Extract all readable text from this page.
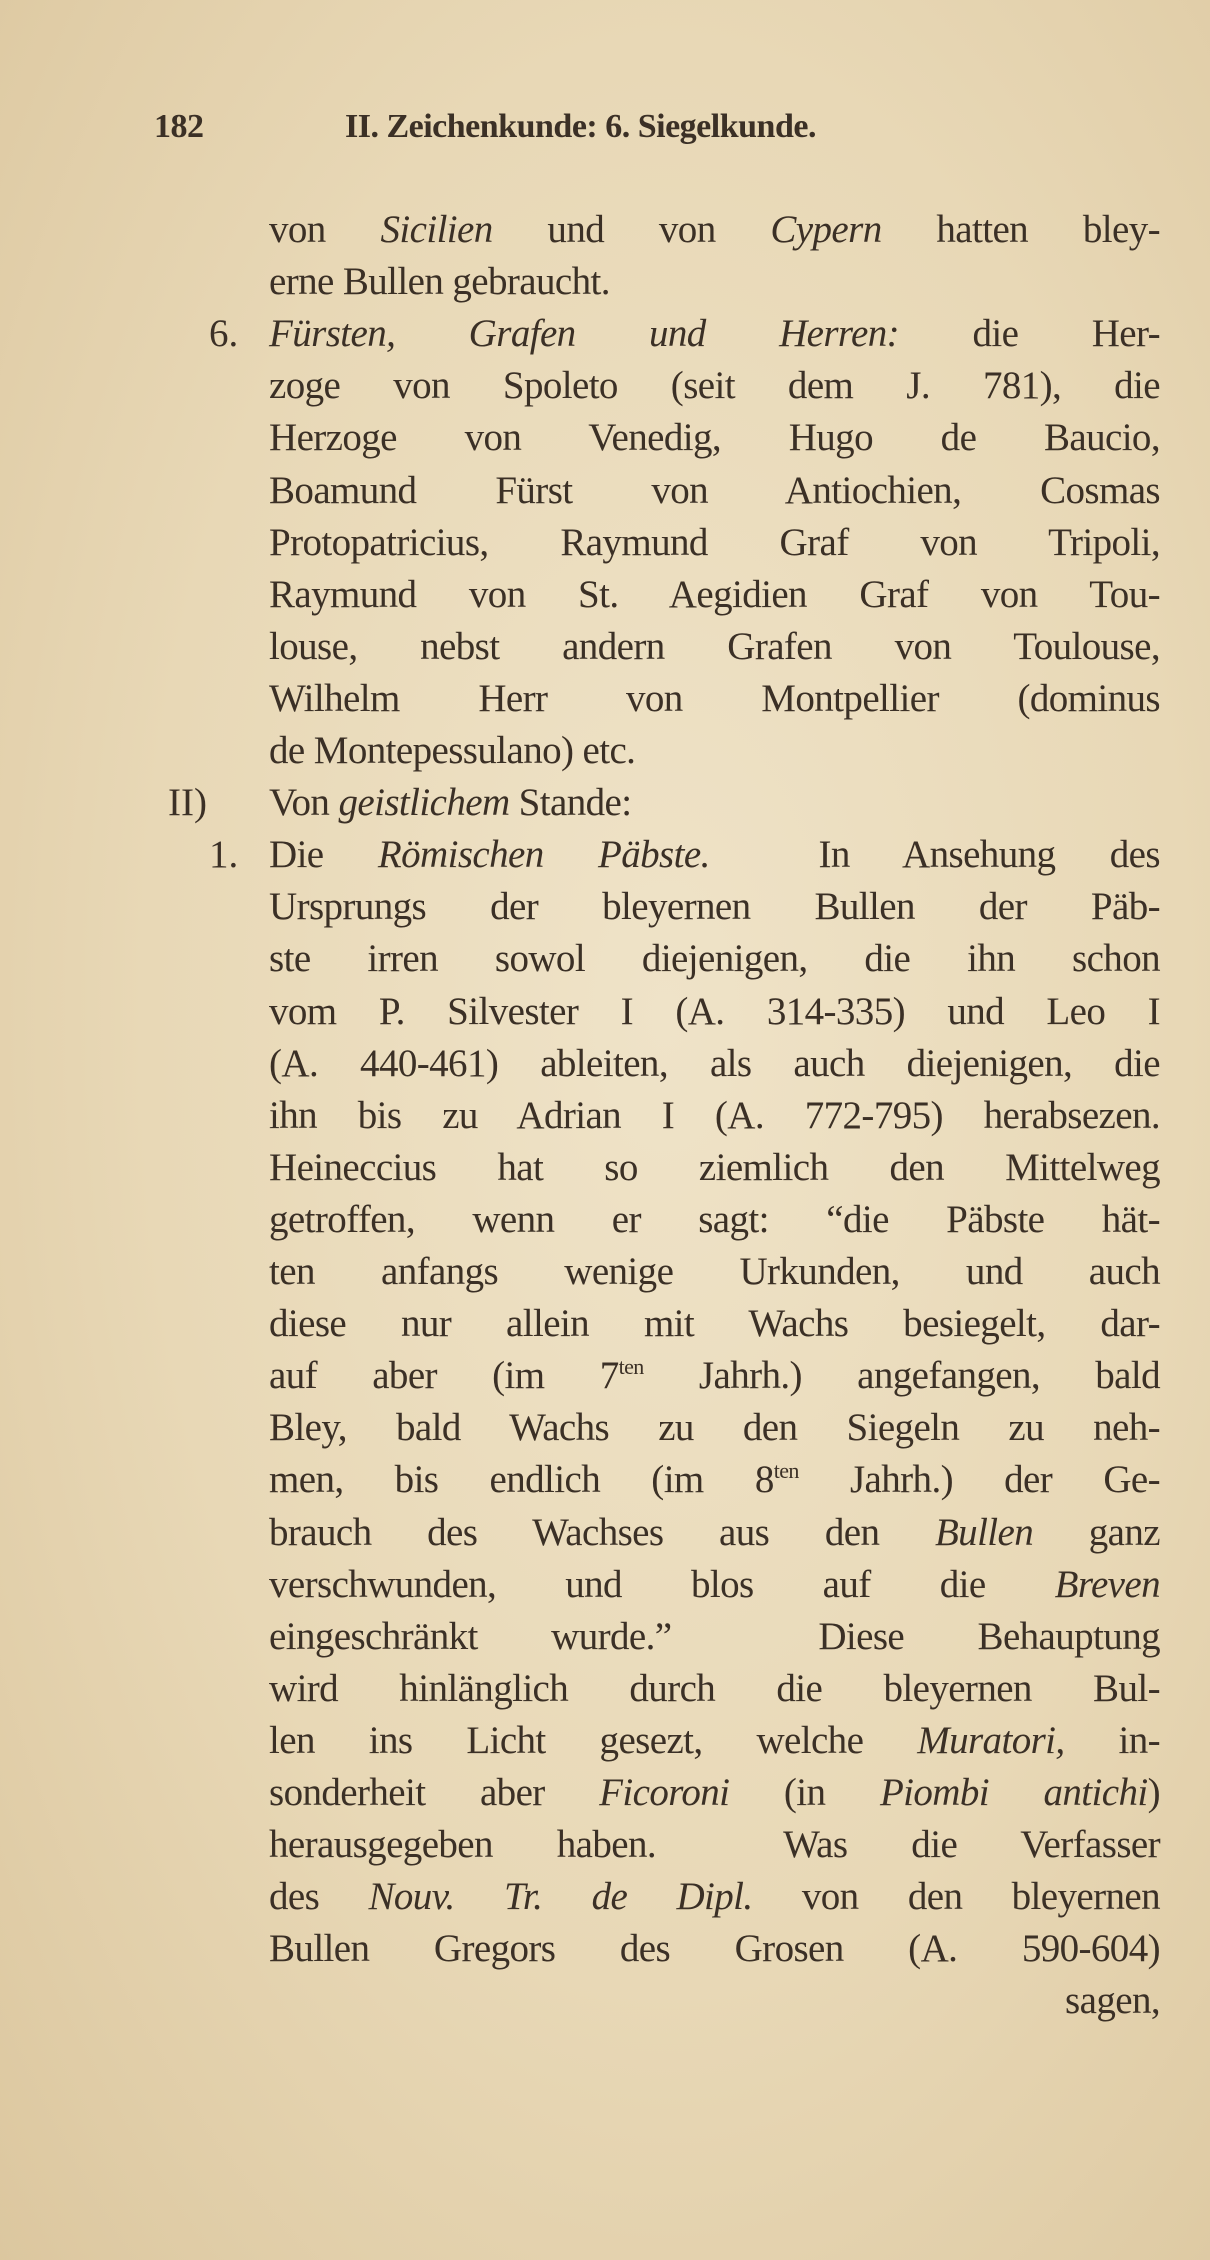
182	II. Zeichenkunde: 6. Siegelkunde.
von Sicilien und von Cypern hatten bley-
erne Bullen gebraucht.
Fürsten, Grafen und Herren: die Her-
zoge von Spoleto (seit dem J. 781), die
Herzoge von Venedig, Hugo de Baucio,
Boamund Fürst von Antiochien, Cosmas
Protopatricius, Raymund Graf von Tripoli,
Raymund von St. Aegidien Graf von Tou-
louse, nebst andern Grafen von Toulouse,
Wilhelm Herr von Montpellier (dominus
de Montepessulano) etc.
Von geistlichem Stande:
Die Römischen Päbste.  In Ansehung des
Ursprungs der bleyernen Bullen der Päb-
ste irren sowol diejenigen, die ihn schon
vom P. Silvester I (A. 314-335) und Leo I
(A. 440-461) ableiten, als auch diejenigen, die
ihn bis zu Adrian I (A. 772-795) herabsezen.
Heineccius hat so ziemlich den Mittelweg
getroffen, wenn er sagt: “die Päbste hät-
ten anfangs wenige Urkunden, und auch
diese nur allein mit Wachs besiegelt, dar-
auf aber (im $7^{ten}$ Jahrh.) angefangen, bald
Bley, bald Wachs zu den Siegeln zu neh-
men, bis endlich (im $8^{ten}$ Jahrh.) der Ge-
brauch des Wachses aus den Bullen ganz
verschwunden, und blos auf die Breven
eingeschränkt wurde.”  Diese Behauptung
wird hinlänglich durch die bleyernen Bul-
len ins Licht gesezt, welche Muratori, in-
sonderheit aber Ficoroni (in Piombi antichi)
herausgegeben haben.  Was die Verfasser
des Nouv. Tr. de Dipl. von den bleyernen
Bullen Gregors des Grosen (A. 590-604)
sagen,
6.
II)
1.
